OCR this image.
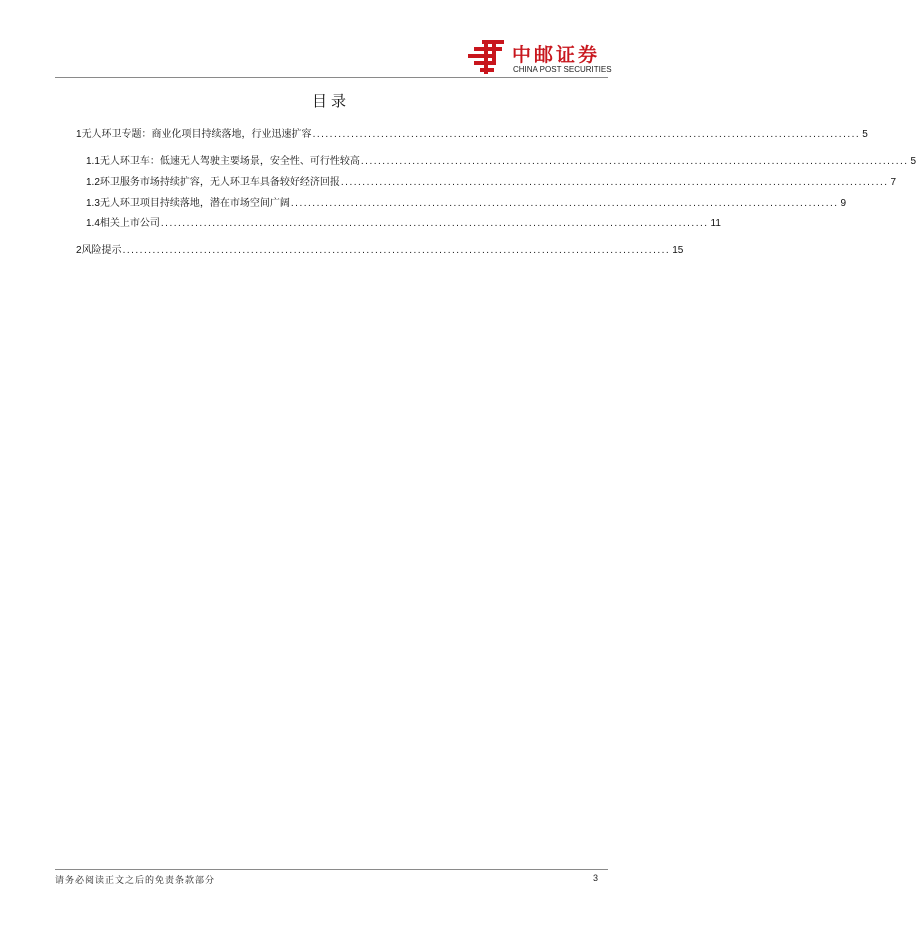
中邮证券
CHINA POST SECURITIES
目录
1 无人环卫专题：商业化项目持续落地，行业迅速扩容 ................................................................................................................................ 5
1.1 无人环卫车：低速无人驾驶主要场景，安全性、可行性较高 ................................................................................................................................ 5
1.2 环卫服务市场持续扩容，无人环卫车具备较好经济回报 ................................................................................................................................ 7
1.3 无人环卫项目持续落地，潜在市场空间广阔 ................................................................................................................................ 9
1.4 相关上市公司 ................................................................................................................................ 11
2 风险提示 ................................................................................................................................ 15
请务必阅读正文之后的免责条款部分	3
